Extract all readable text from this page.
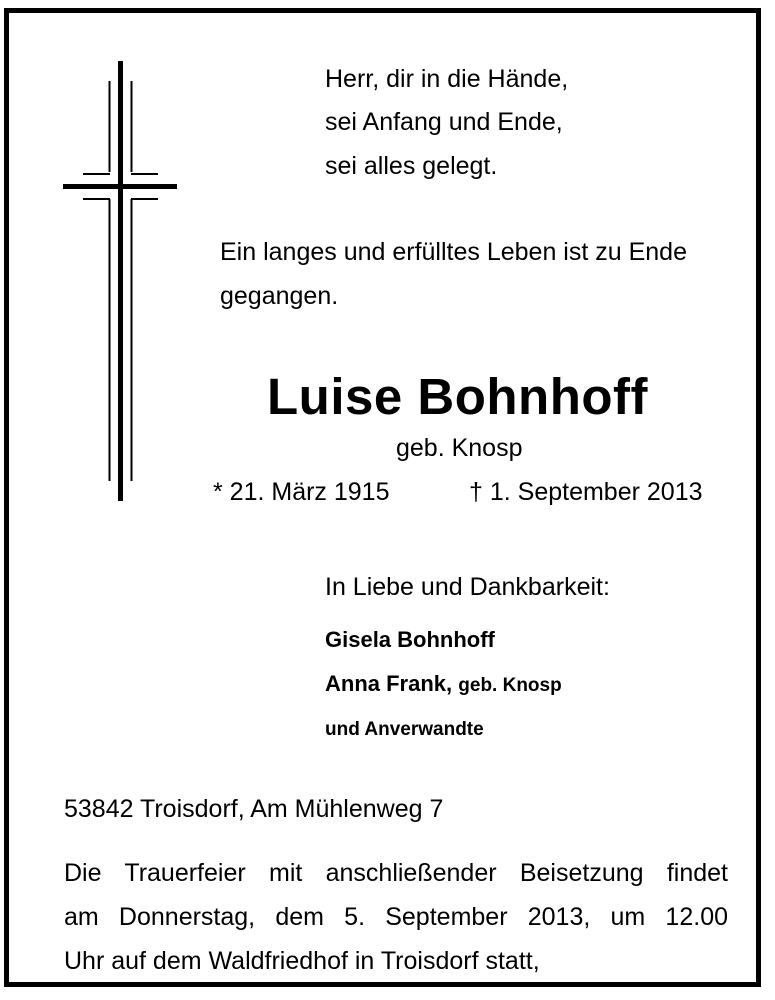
Herr, dir in die Hände,
sei Anfang und Ende,
sei alles gelegt.
Ein langes und erfülltes Leben ist zu Ende
gegangen.
Luise Bohnhoff
geb. Knosp
* 21. März 1915	† 1. September 2013
In Liebe und Dankbarkeit:
Gisela Bohnhoff
Anna Frank, geb. Knosp
und Anverwandte
53842 Troisdorf, Am Mühlenweg 7
Die Trauerfeier mit anschließender Beisetzung findet
am Donnerstag, dem 5. September 2013, um 12.00
Uhr auf dem Waldfriedhof in Troisdorf statt,
